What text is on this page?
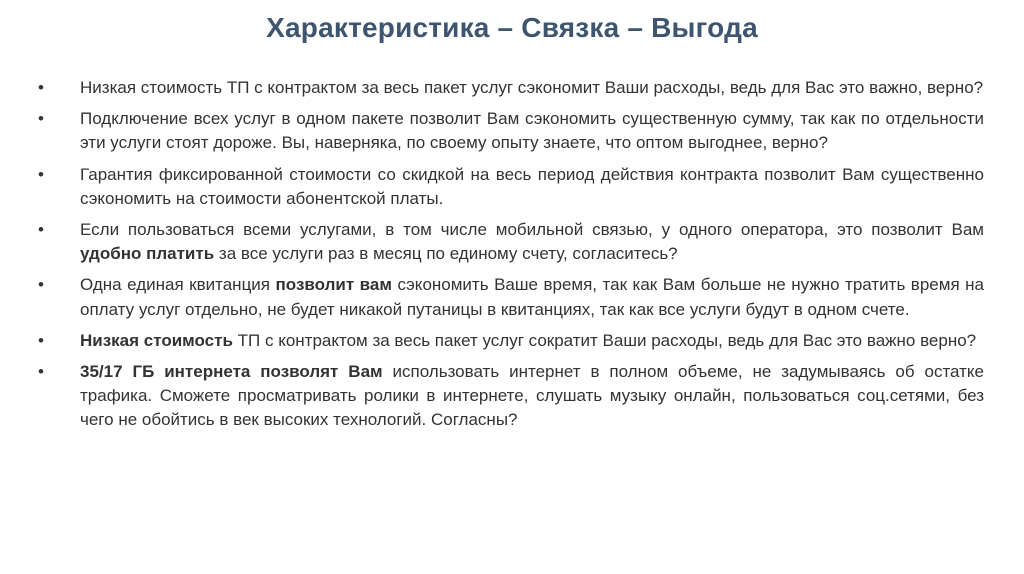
Характеристика – Связка – Выгода
•	Низкая стоимость ТП с контрактом за весь пакет услуг сэкономит Ваши расходы, ведь для Вас это важно, верно?
•	Подключение всех услуг в одном пакете позволит Вам сэкономить существенную сумму, так как по отдельности эти услуги стоят дороже. Вы, наверняка, по своему опыту знаете, что оптом выгоднее, верно?
•	Гарантия фиксированной стоимости со скидкой на весь период действия контракта позволит Вам существенно сэкономить на стоимости абонентской платы.
•	Если пользоваться всеми услугами, в том числе мобильной связью, у одного оператора, это позволит Вам удобно платить за все услуги раз в месяц по единому счету, согласитесь?
•	Одна единая квитанция позволит вам сэкономить Ваше время, так как Вам больше не нужно тратить время на оплату услуг отдельно, не будет никакой путаницы в квитанциях, так как все услуги будут в одном счете.
•	Низкая стоимость ТП с контрактом за весь пакет услуг сократит Ваши расходы, ведь для Вас это важно верно?
•	35/17 ГБ интернета позволят Вам использовать интернет в полном объеме, не задумываясь об остатке трафика. Сможете просматривать ролики в интернете, слушать музыку онлайн, пользоваться соц.сетями, без чего не обойтись в век высоких технологий. Согласны?
